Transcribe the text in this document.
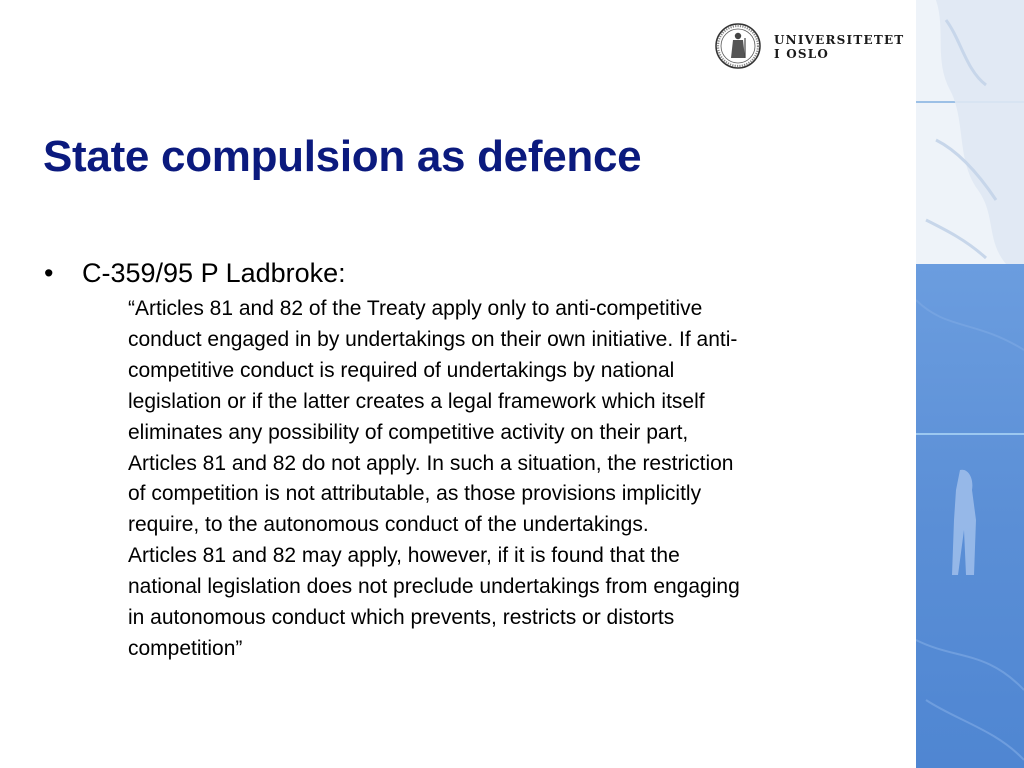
UNIVERSITETET
I OSLO
State compulsion as defence
• C-359/95 P Ladbroke:
“Articles 81 and 82 of the Treaty apply only to anti-competitive
conduct engaged in by undertakings on their own initiative. If anti-
competitive conduct is required of undertakings by national
legislation or if the latter creates a legal framework which itself
eliminates any possibility of competitive activity on their part,
Articles 81 and 82 do not apply. In such a situation, the restriction
of competition is not attributable, as those provisions implicitly
require, to the autonomous conduct of the undertakings.
Articles 81 and 82 may apply, however, if it is found that the
national legislation does not preclude undertakings from engaging
in autonomous conduct which prevents, restricts or distorts
competition”
